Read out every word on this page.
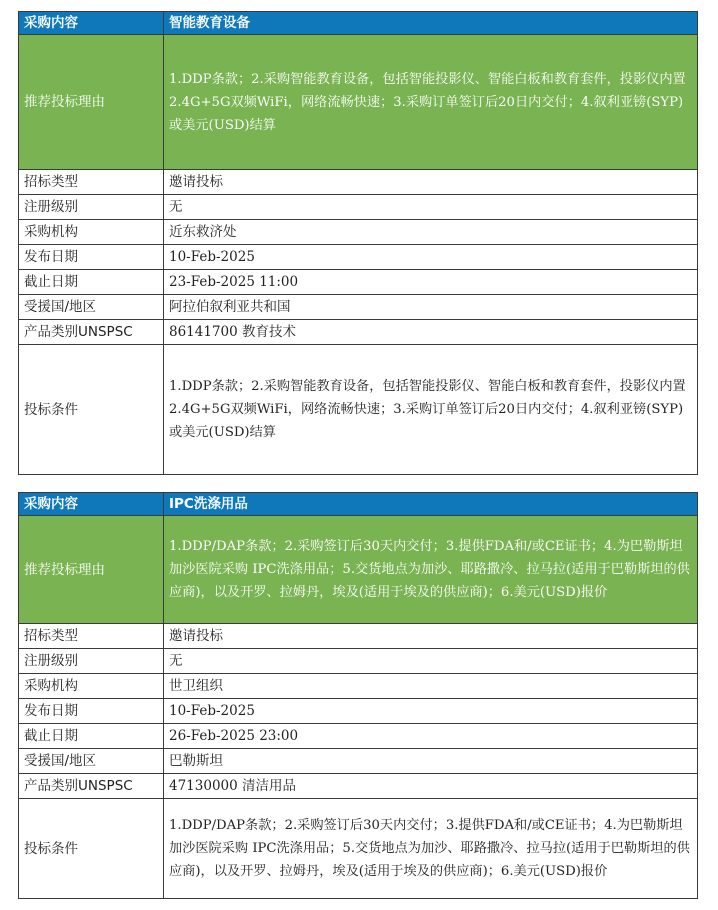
采购内容	智能教育设备
推荐投标理由	1.DDP条款；2.采购智能教育设备，包括智能投影仪、智能白板和教育套件，投影仪内置2.4G+5G双频WiFi，网络流畅快速；3.采购订单签订后20日内交付；4.叙利亚镑(SYP)或美元(USD)结算
招标类型	邀请投标
注册级别	无
采购机构	近东救济处
发布日期	10-Feb-2025
截止日期	23-Feb-2025 11:00
受援国/地区	阿拉伯叙利亚共和国
产品类别UNSPSC	86141700 教育技术
投标条件	1.DDP条款；2.采购智能教育设备，包括智能投影仪、智能白板和教育套件，投影仪内置2.4G+5G双频WiFi，网络流畅快速；3.采购订单签订后20日内交付；4.叙利亚镑(SYP)或美元(USD)结算
采购内容	IPC洗涤用品
推荐投标理由	1.DDP/DAP条款；2.采购签订后30天内交付；3.提供FDA和/或CE证书；4.为巴勒斯坦加沙医院采购 IPC洗涤用品；5.交货地点为加沙、耶路撒冷、拉马拉(适用于巴勒斯坦的供应商)，以及开罗、拉姆丹，埃及(适用于埃及的供应商)；6.美元(USD)报价
招标类型	邀请投标
注册级别	无
采购机构	世卫组织
发布日期	10-Feb-2025
截止日期	26-Feb-2025 23:00
受援国/地区	巴勒斯坦
产品类别UNSPSC	47130000 清洁用品
投标条件	1.DDP/DAP条款；2.采购签订后30天内交付；3.提供FDA和/或CE证书；4.为巴勒斯坦加沙医院采购 IPC洗涤用品；5.交货地点为加沙、耶路撒冷、拉马拉(适用于巴勒斯坦的供应商)，以及开罗、拉姆丹，埃及(适用于埃及的供应商)；6.美元(USD)报价
